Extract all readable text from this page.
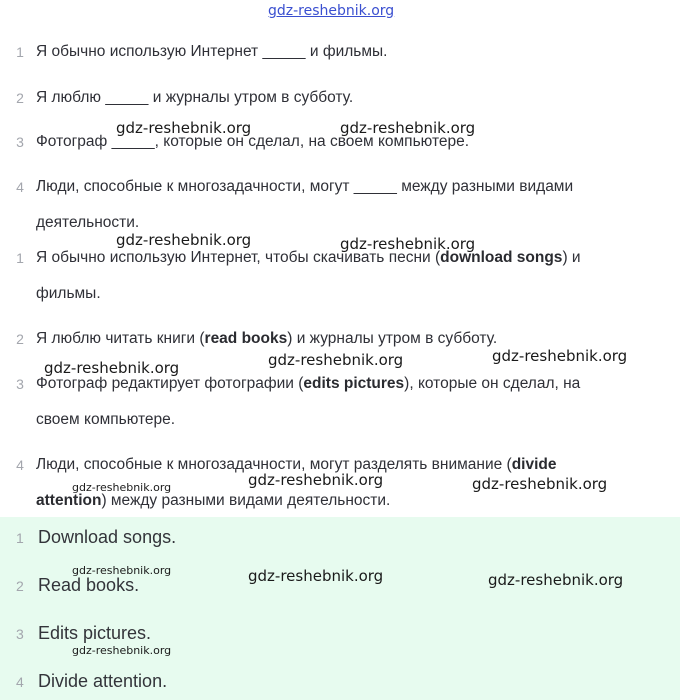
gdz-reshebnik.org
1 Я обычно использую Интернет _____ и фильмы.
2 Я люблю _____ и журналы утром в субботу.
3 Фотограф _____, которые он сделал, на своем компьютере.
4 Люди, способные к многозадачности, могут _____ между разными видами
деятельности.
1 Я обычно использую Интернет, чтобы скачивать песни (download songs) и
фильмы.
2 Я люблю читать книги (read books) и журналы утром в субботу.
3 Фотограф редактирует фотографии (edits pictures), которые он сделал, на
своем компьютере.
4 Люди, способные к многозадачности, могут разделять внимание (divide
attention) между разными видами деятельности.
1 Download songs.
2 Read books.
3 Edits pictures.
4 Divide attention.
gdz-reshebnik.org	gdz-reshebnik.org
gdz-reshebnik.org	gdz-reshebnik.org
gdz-reshebnik.org	gdz-reshebnik.org	gdz-reshebnik.org
gdz-reshebnik.org	gdz-reshebnik.org	gdz-reshebnik.org
gdz-reshebnik.org	gdz-reshebnik.org	gdz-reshebnik.org
gdz-reshebnik.org
